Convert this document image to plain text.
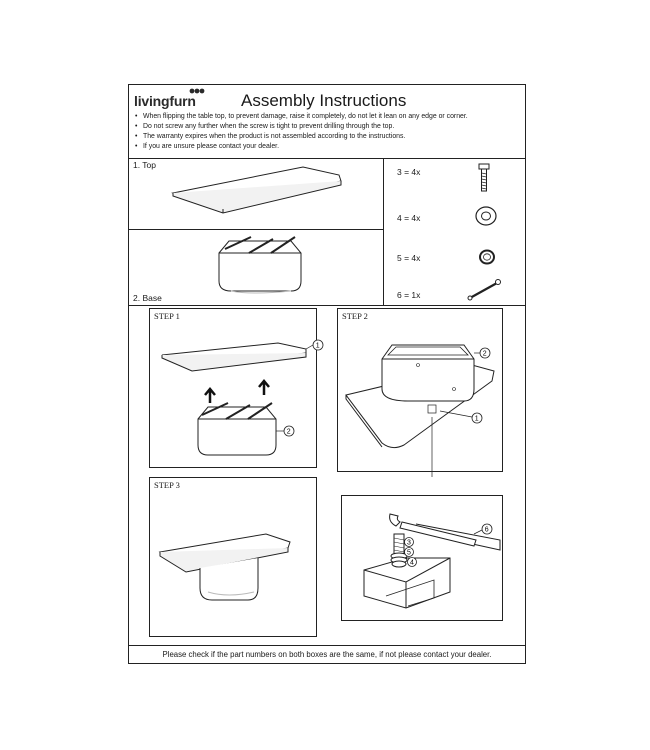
livingfurn	Assembly Instructions
• When flipping the table top, to prevent damage, raise it completely, do not let it lean on any edge or corner.
• Do not screw any further when the screw is tight to prevent drilling through the top.
• The warranty expires when the product is not assembled according to the instructions.
• If you are unsure please contact your dealer.
1. Top
2. Base
3 = 4x
4 = 4x
5 = 4x
6 = 1x
STEP 1
1
2
STEP 2
2
1
STEP 3
6
3
5
4
Please check if the part numbers on both boxes are the same, if not please contact your dealer.
